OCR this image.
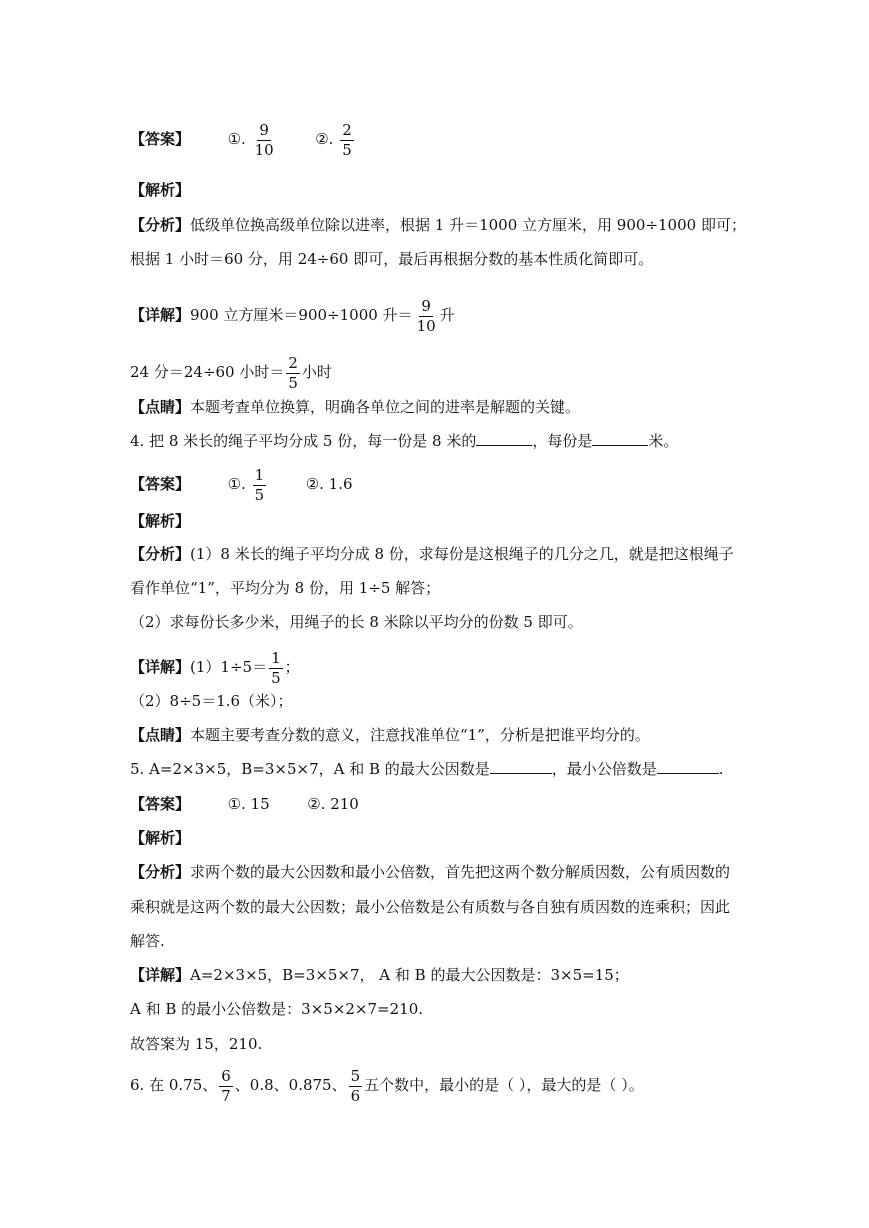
【答案】	①. $\frac{9}{10}$	②. $\frac{2}{5}$
【解析】
【分析】低级单位换高级单位除以进率，根据 1 升＝1000 立方厘米，用 900÷1000 即可；
根据 1 小时＝60 分，用 24÷60 即可，最后再根据分数的基本性质化简即可。
【详解】900 立方厘米＝900÷1000 升＝ $\frac{9}{10}$ 升
24 分＝24÷60 小时＝ $\frac{2}{5}$ 小时
【点睛】本题考查单位换算，明确各单位之间的进率是解题的关键。
4. 把 8 米长的绳子平均分成 5 份，每一份是 8 米的	，每份是	米。
【答案】	①. $\frac{1}{5}$	②. 1.6
【解析】
【分析】(1）8 米长的绳子平均分成 8 份，求每份是这根绳子的几分之几，就是把这根绳子
看作单位“1”，平均分为 8 份，用 1÷5 解答；
（2）求每份长多少米，用绳子的长 8 米除以平均分的份数 5 即可。
【详解】$(1)1\div 5= \frac{1}{5}$ ；
（2）8÷5＝1.6（米）；
【点睛】本题主要考查分数的意义，注意找准单位“1”，分析是把谁平均分的。
5. A=2×3×5，B=3×5×7，A 和 B 的最大公因数是	，最小公倍数是	.
【答案】	①. 15	②. 210
【解析】
【分析】求两个数的最大公因数和最小公倍数，首先把这两个数分解质因数，公有质因数的
乘积就是这两个数的最大公因数；最小公倍数是公有质数与各自独有质因数的连乘积；因此
解答.
【详解】A=2×3×5，B=3×5×7， A 和 B 的最大公因数是：3×5=15；
A 和 B 的最小公倍数是：3×5×2×7=210.
故答案为 15，210.
6. 在 0.75、 $\frac{6}{7}$ 、0.8、0.875、 $\frac{5}{6}$ 五个数中，最小的是（ ），最大的是（ ）。
